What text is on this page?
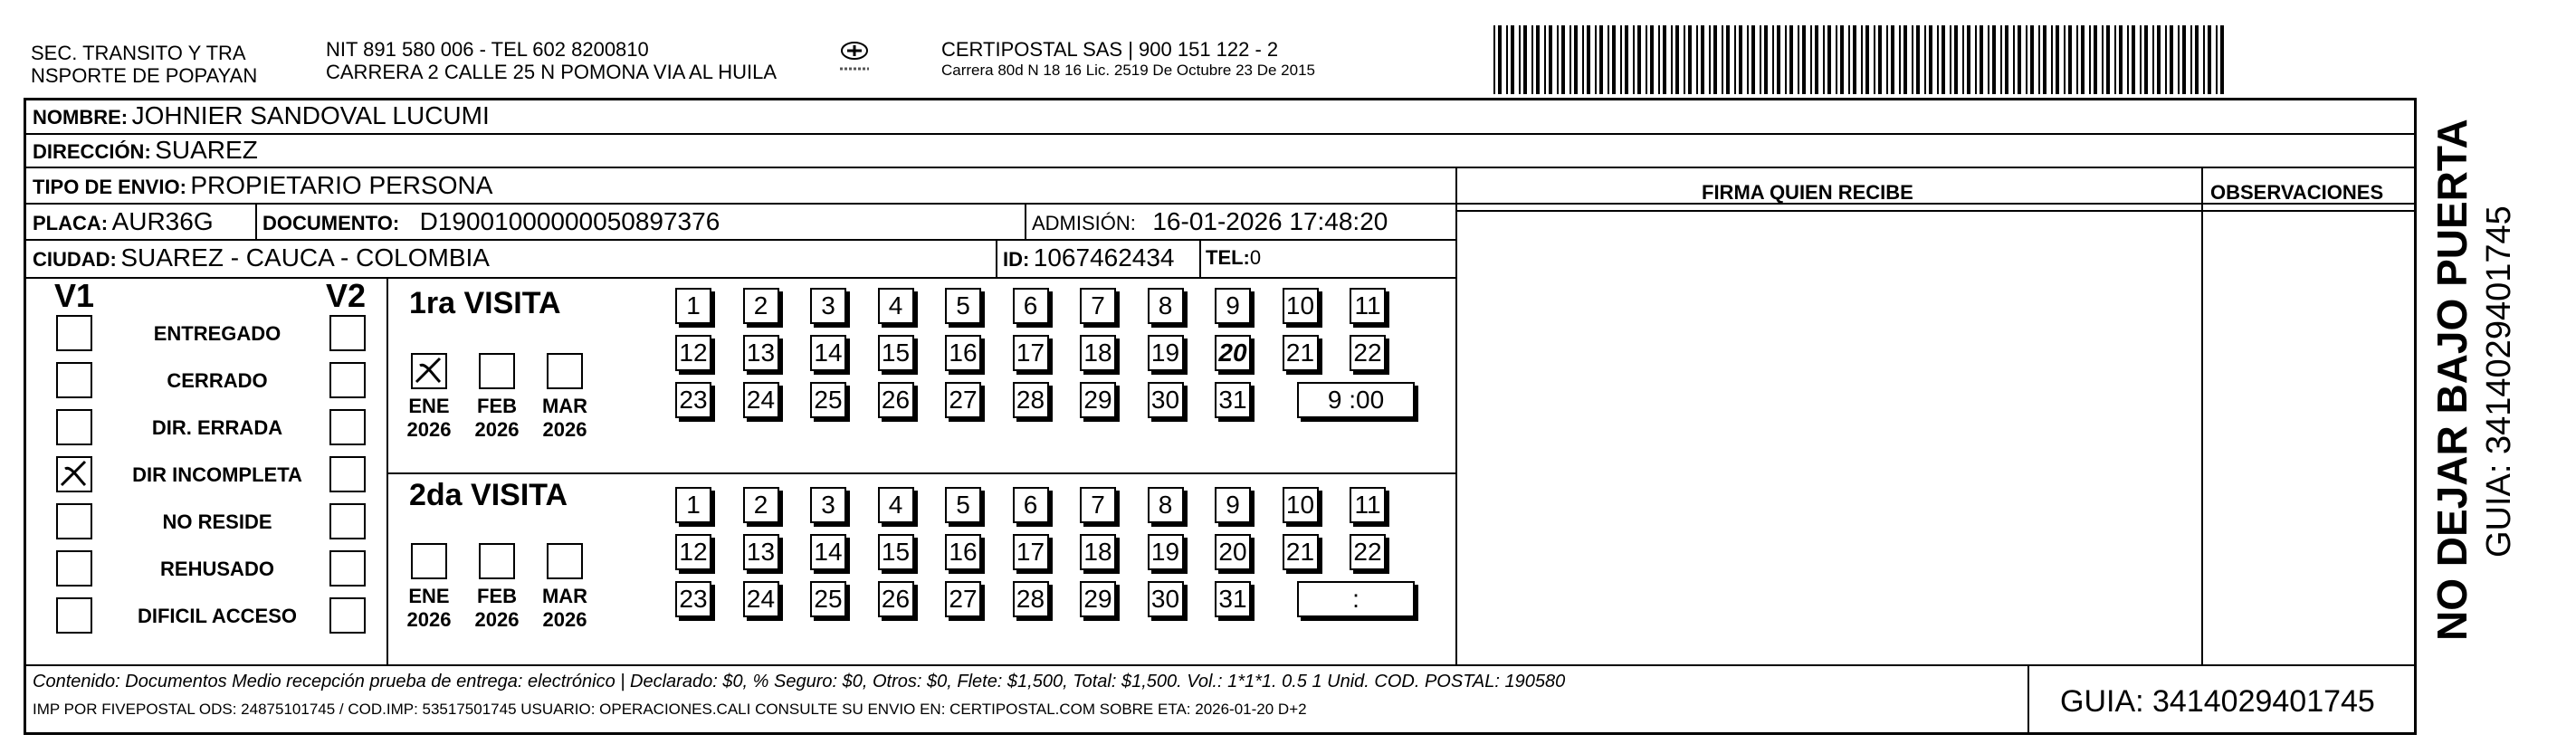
SEC. TRANSITO Y TRA
NSPORTE DE POPAYAN
NIT 891 580 006 - TEL 602 8200810
CARRERA 2 CALLE 25 N POMONA VIA AL HUILA
CERTIPOSTAL SAS | 900 151 122 - 2
Carrera 80d N 18 16 Lic. 2519 De Octubre 23 De 2015
NOMBRE: JOHNIER SANDOVAL LUCUMI
DIRECCIÓN: SUAREZ
TIPO DE ENVIO: PROPIETARIO PERSONA	FIRMA QUIEN RECIBE	OBSERVACIONES
PLACA: AUR36G DOCUMENTO: D19001000000050897376	ADMISIÓN: 16-01-2026 17:48:20
CIUDAD: SUAREZ - CAUCA - COLOMBIA	ID: 1067462434 TEL:0
V1	V2
ENTREGADO
CERRADO
DIR. ERRADA
DIR INCOMPLETA
NO RESIDE
REHUSADO
DIFICIL ACCESO
1ra VISITA
ENE
2026
FEB
2026
MAR
2026
1	2	3	4	5	6	7	8	9	10 11
12 13 14 15 16 17 18 19 20 21 22
23 24 25 26 27 28 29 30 31	9 :00
2da VISITA
ENE
2026
FEB
2026
MAR
2026
1	2	3	4	5	6	7	8	9	10 11
12 13 14 15 16 17 18 19 20 21 22
23 24 25 26 27 28 29 30 31	:
Contenido: Documentos Medio recepción prueba de entrega: electrónico | Declarado: $0, % Seguro: $0, Otros: $0, Flete: $1,500, Total: $1,500. Vol.: 1*1*1. 0.5 1 Unid. COD. POSTAL: 190580
IMP POR FIVEPOSTAL ODS: 24875101745 / COD.IMP: 53517501745 USUARIO: OPERACIONES.CALI CONSULTE SU ENVIO EN: CERTIPOSTAL.COM SOBRE ETA: 2026-01-20 D+2	GUIA: 3414029401745
NO DEJAR BAJO PUERTA GUIA: 3414029401745
